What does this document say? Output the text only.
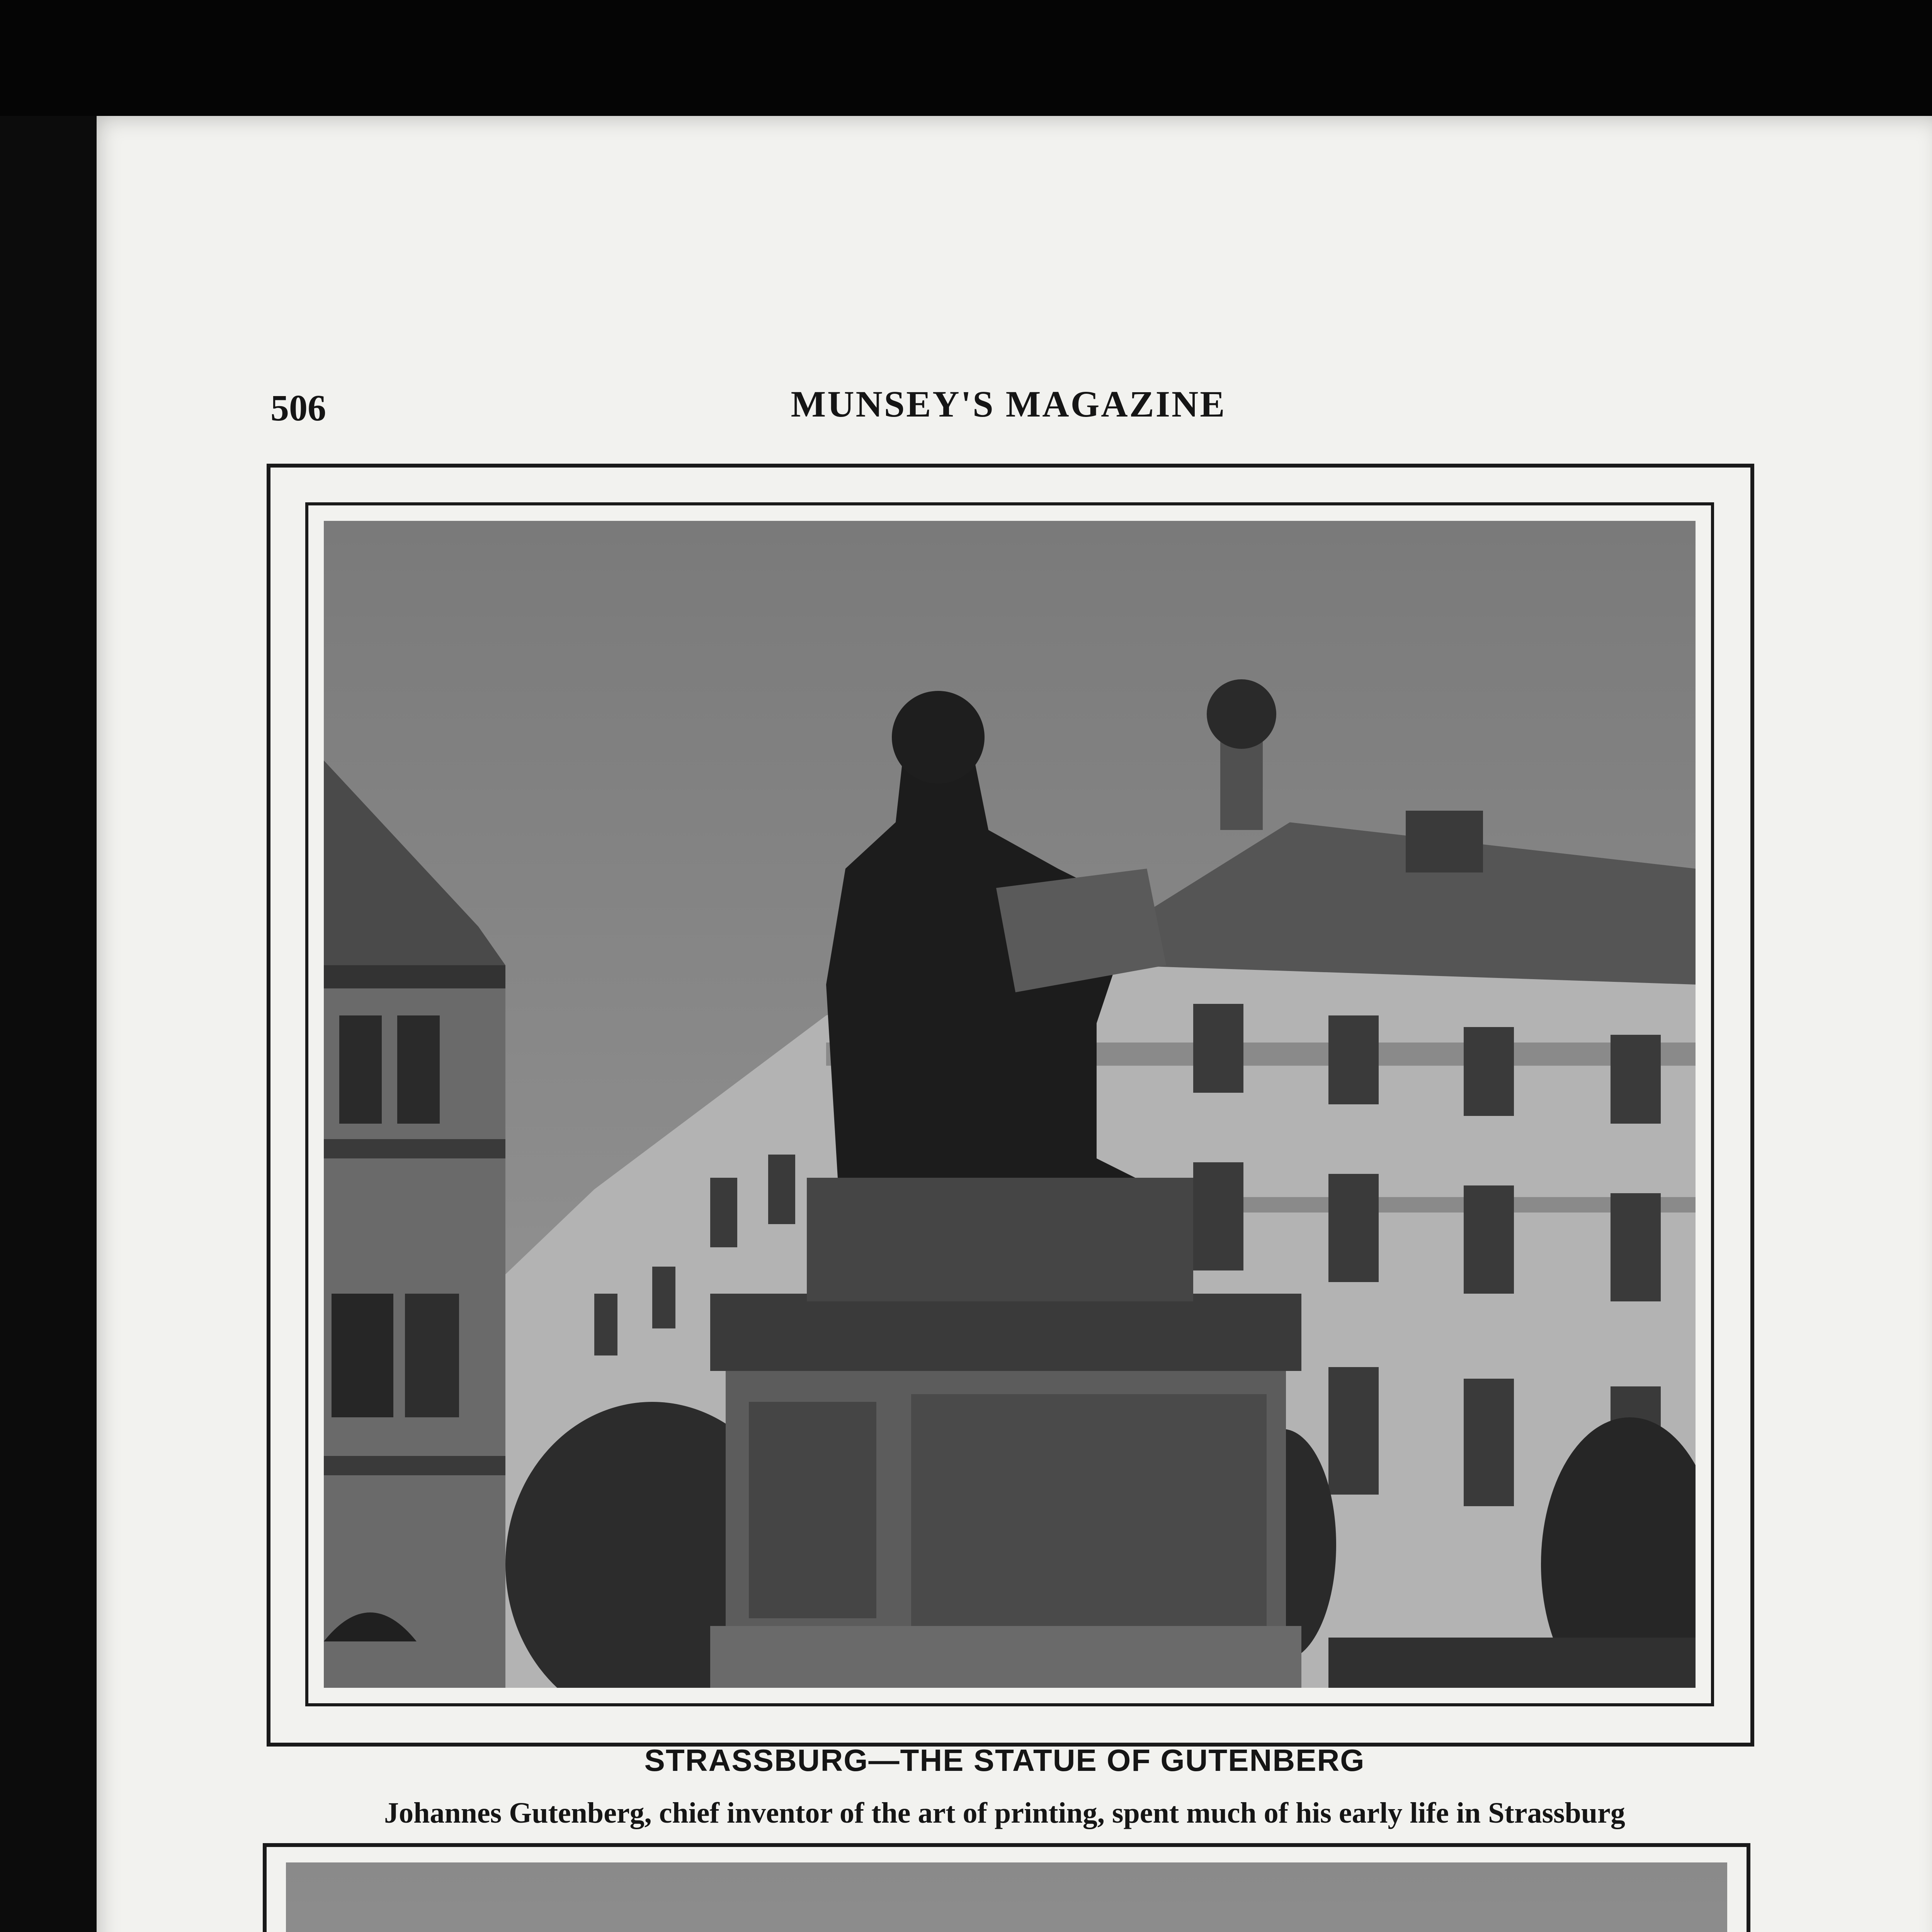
506	MUNSEY'S MAGAZINE
STRASSBURG—THE STATUE OF GUTENBERG
Johannes Gutenberg, chief inventor of the art of printing, spent much of his early life in Strassburg
